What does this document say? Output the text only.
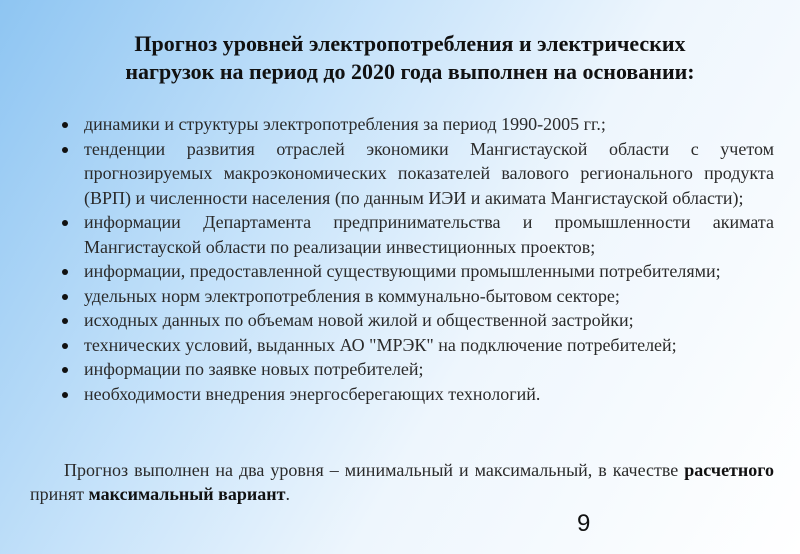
Прогноз уровней электропотребления и электрических
нагрузок на период до 2020 года выполнен на основании:
динамики и структуры электропотребления за период 1990-2005 гг.;
тенденции развития отраслей экономики Мангистауской области с учетом прогнозируемых макроэкономических показателей валового регионального продукта (ВРП) и численности населения (по данным ИЭИ и акимата Мангистауской области);
информации Департамента предпринимательства и промышленности акимата Мангистауской области по реализации инвестиционных проектов;
информации, предоставленной существующими промышленными потребителями;
удельных норм электропотребления в коммунально-бытовом секторе;
исходных данных по объемам новой жилой и общественной застройки;
технических условий, выданных АО "МРЭК" на подключение потребителей;
информации по заявке новых потребителей;
необходимости внедрения энергосберегающих технологий.
Прогноз выполнен на два уровня – минимальный и максимальный, в качестве расчетного принят максимальный вариант.
9
